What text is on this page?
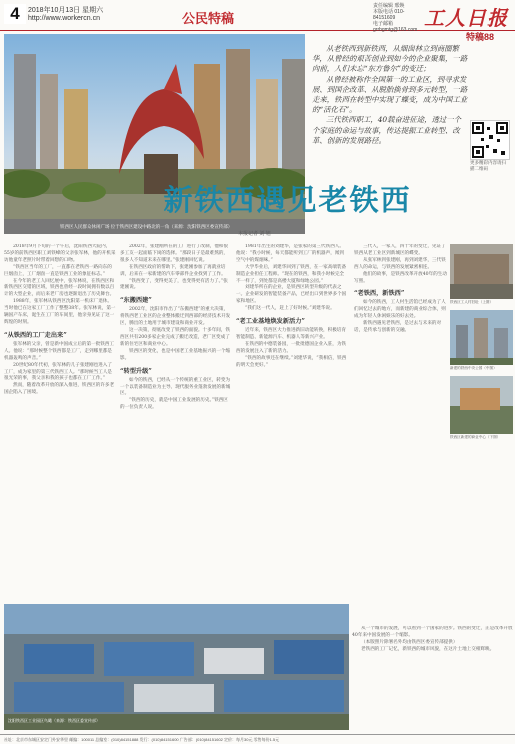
4	2018年10月13日 星期六
http://www.workercn.cn	公民特稿
责任编辑 邢焕
本版电话 010-84151609
电子邮箱 grrbgmtg@163.com 工人日报
铁西区人民群众休闲广场 位于铁西区建设中路北的一角（来源：沈阳铁西区委宣传部）
特稿88

从老铁西到新铁西，从烟囱林立到商圈繁华，从曾经的艰苦创业到如今的企业聚集，一路向前，人们未忘“东方鲁尔”的变迁；

从曾经被称作全国第一的工业区，到寻求发展、到国企改革、从脱胎换骨到多元转型，一路走来，铁西在转型中实现了蝶变，成为中国工业的“活化石”。

三代铁西职工，40载奋进征途，透过一个个家庭的命运与故事，传达提振工业转型、改革、创新的发展路径。

更多精彩内容请扫描二维码
新铁西遇见老铁西
本报记者 刘 旭

2018年9月下旬的一个午后，沈阳铁西大院内，55岁的前铁西区职工刘铁峰的父亲张军林，他的开机采访他童年老照片时带着回想的口吻。

“铁西区当年的工厂，一直都在老铁西一路向东的巨烟囱上，工厂烟囱一直是铁西工业的象征标志。”

在今年的老工人回忆展中，张军林说，在铁西区和新铁西区交错的区域，铁西也曾经一段时间拥有数以百计的大型企业，而后来老厂房也逐渐退出了历史舞台。

1988年，张军林从铁西区沈阳第一机床厂退休。当时他已在这家工厂工作了整整38年。张军林说，第一辆国产车床，诞生在工厂的车间里，他亲身见证了这一辉煌的时刻。

“从铁西的工厂走出来”

张军林的父亲，曾是新中国成立后的第一批铁西工人。他说：“那时候整个铁西都是工厂，走到哪里都是机器轰鸣的声音。”

20世纪80年代初，张军林的儿子张建刚也进入了工厂，成为家里的第三代铁西工人。“那时候当工人是很光荣的事，我父亲和我的孩子也都在工厂工作。”

然而，随着改革开放的深入推进，铁西区的许多老国企陷入了困境。

2002年，张建刚所在的工厂进行了改制，他和很多工友一起面临下岗的选择。“那段日子是最难熬的，很多人不知道未来在哪里。”张建刚回忆说。

在铁西区政府的帮助下，张建刚参加了再就业培训，后来在一家新建的汽车零部件企业找到了工作。

“铁西变了，变得更美了，也变得更有活力了。”张建刚说。

“东搬西建”

2002年，沈阳市作出了“东搬西建”的重大决策，将铁西老工业区的企业整体搬迁到西部的经济技术开发区，腾出的土地用于城市建设和商业开发。

这一决策，彻底改变了铁西的面貌。十多年间，铁西区共有200多家企业完成了搬迁改造，老厂区变成了新的住宅区和商业中心。

铁西区的变化，也是中国老工业基地振兴的一个缩影。

“转型升级”

如今的铁西，已经从一个传统的重工业区，转变为一个以装备制造业为主导、现代服务业蓬勃发展的新城区。

“铁西的历史，就是中国工业发展的历史。”铁西区的一位负责人说。

1981年出生的刘建华，是张家的第三代铁西人。他说：“我小时候，每天都能听到工厂的机器声，闻到空气中的煤烟味。”

大学毕业后，刘建华回到了铁西，在一家高端装备制造企业担任工程师。“现在的铁西，和我小时候完全不一样了，到处都是高楼大厦和绿地公园。”

刘建华所在的企业，是铁西区转型升级的代表之一。企业研发的智能装备产品，已经出口到世界多个国家和地区。

“我们这一代人，赶上了好时候。”刘建华说。

“老工业基地焕发新活力”

近年来，铁西区大力推进新旧动能转换，积极培育智能制造、新能源汽车、机器人等新兴产业。

在铁西的中德装备园，一批批德国企业入驻，为铁西的发展注入了新的活力。

“铁西的故事还在继续。”刘建华说，“我相信，铁西的明天会更好。”

三代人，一家人，四十年的变迁，见证了铁西从老工业区到新城区的蝶变。

从张军林到张建刚，再到刘建华，三代铁西人的命运，与铁西的发展紧密相连。

他们的故事，是铁西改革开放40年的生动写照。

“老铁西，新铁西”

如今的铁西，工人村生活馆已经成为了人们回忆过去的地方，而新建的商业综合体，则成为年轻人休闲娱乐的好去处。

新铁西遇见老铁西，是过去与未来的对话，是传承与创新的交融。

铁西区工人村旧址（上图）
新建的铁西中央公园（中图）
铁西区新建的商业中心（下图）
沈阳铁西区工业园区鸟瞰（来源：铁西区委宣传部）

从一个城市的发展，可以看到一个国家的进步。铁西的变迁，正是改革开放40年来中国发展的一个缩影。

（本版照片除署名外均由铁西区委宣传部提供）

老铁西的工厂记忆，新铁西的城市风貌，在这片土地上交相辉映。

社址：北京市东城区安定门外安华里 邮编：100011 总编室：(010)84151888 发行：(010)84151600 广告部：(010)84151602 定价：每月30元 零售每份1.5元
